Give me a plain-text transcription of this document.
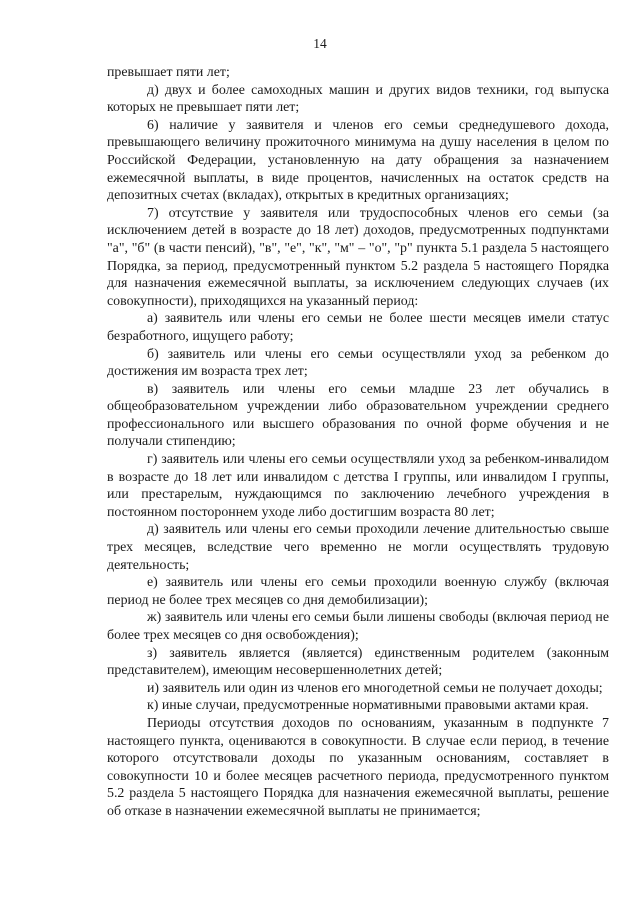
14

превышает пяти лет;

д) двух и более самоходных машин и других видов техники, год выпуска которых не превышает пяти лет;

6) наличие у заявителя и членов его семьи среднедушевого дохода, превышающего величину прожиточного минимума на душу населения в целом по Российской Федерации, установленную на дату обращения за назначением ежемесячной выплаты, в виде процентов, начисленных на остаток средств на депозитных счетах (вкладах), открытых в кредитных организациях;

7) отсутствие у заявителя или трудоспособных членов его семьи (за исключением детей в возрасте до 18 лет) доходов, предусмотренных подпунктами "а", "б" (в части пенсий), "в", "е", "к", "м" – "о", "р" пункта 5.1 раздела 5 настоящего Порядка, за период, предусмотренный пунктом 5.2 раздела 5 настоящего Порядка для назначения ежемесячной выплаты, за исключением следующих случаев (их совокупности), приходящихся на указанный период:

а) заявитель или члены его семьи не более шести месяцев имели статус безработного, ищущего работу;

б) заявитель или члены его семьи осуществляли уход за ребенком до достижения им возраста трех лет;

в) заявитель или члены его семьи младше 23 лет обучались в общеобразовательном учреждении либо образовательном учреждении среднего профессионального или высшего образования по очной форме обучения и не получали стипендию;

г) заявитель или члены его семьи осуществляли уход за ребенком-инвалидом в возрасте до 18 лет или инвалидом с детства I группы, или инвалидом I группы, или престарелым, нуждающимся по заключению лечебного учреждения в постоянном постороннем уходе либо достигшим возраста 80 лет;

д) заявитель или члены его семьи проходили лечение длительностью свыше трех месяцев, вследствие чего временно не могли осуществлять трудовую деятельность;

е) заявитель или члены его семьи проходили военную службу (включая период не более трех месяцев со дня демобилизации);

ж) заявитель или члены его семьи были лишены свободы (включая период не более трех месяцев со дня освобождения);

з) заявитель является (является) единственным родителем (законным представителем), имеющим несовершеннолетних детей;

и) заявитель или один из членов его многодетной семьи не получает доходы;

к) иные случаи, предусмотренные нормативными правовыми актами края.

Периоды отсутствия доходов по основаниям, указанным в подпункте 7 настоящего пункта, оцениваются в совокупности. В случае если период, в течение которого отсутствовали доходы по указанным основаниям, составляет в совокупности 10 и более месяцев расчетного периода, предусмотренного пунктом 5.2 раздела 5 настоящего Порядка для назначения ежемесячной выплаты, решение об отказе в назначении ежемесячной выплаты не принимается;
